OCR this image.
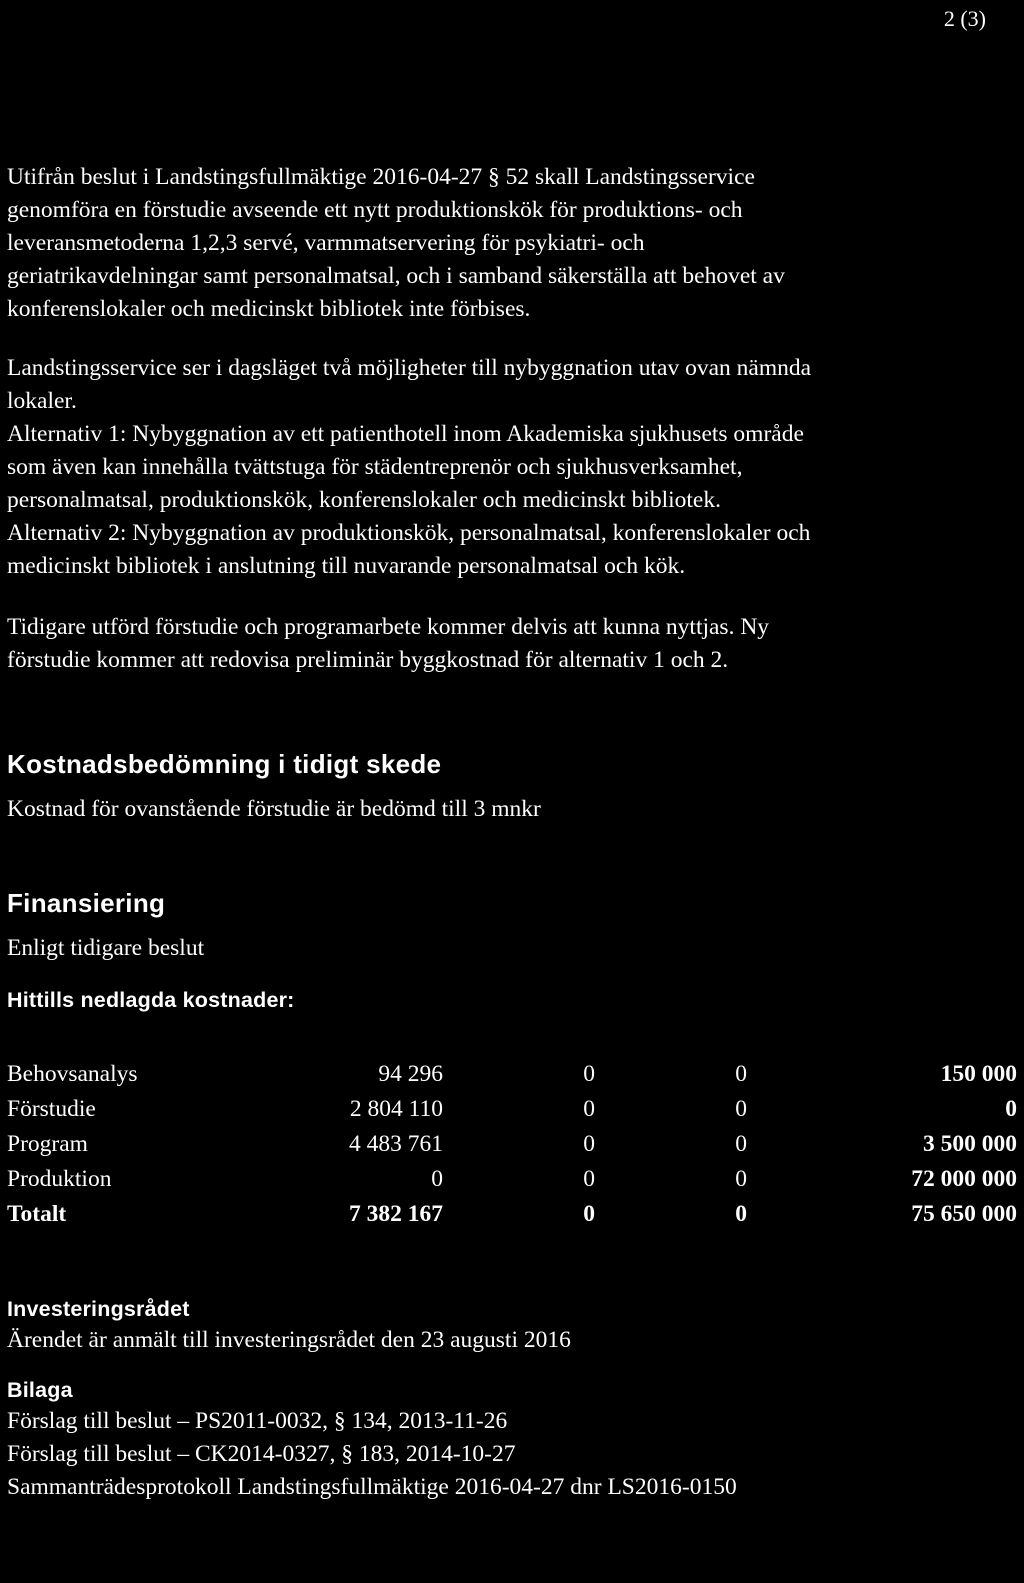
2 (3)

Utifrån beslut i Landstingsfullmäktige 2016-04-27 § 52 skall Landstingsservice
genomföra en förstudie avseende ett nytt produktionskök för produktions- och
leveransmetoderna 1,2,3 servé, varmmatservering för psykiatri- och
geriatrikavdelningar samt personalmatsal, och i samband säkerställa att behovet av
konferenslokaler och medicinskt bibliotek inte förbises.

Landstingsservice ser i dagsläget två möjligheter till nybyggnation utav ovan nämnda
lokaler.
Alternativ 1: Nybyggnation av ett patienthotell inom Akademiska sjukhusets område
som även kan innehålla tvättstuga för städentreprenör och sjukhusverksamhet,
personalmatsal, produktionskök, konferenslokaler och medicinskt bibliotek.
Alternativ 2: Nybyggnation av produktionskök, personalmatsal, konferenslokaler och
medicinskt bibliotek i anslutning till nuvarande personalmatsal och kök.

Tidigare utförd förstudie och programarbete kommer delvis att kunna nyttjas. Ny
förstudie kommer att redovisa preliminär byggkostnad för alternativ 1 och 2.

Kostnadsbedömning i tidigt skede

Kostnad för ovanstående förstudie är bedömd till 3 mnkr

Finansiering

Enligt tidigare beslut

Hittills nedlagda kostnader:
Behovsanalys	94 296	0	0	150 000
Förstudie	2 804 110	0	0	0
Program	4 483 761	0	0	3 500 000
Produktion	0	0	0	72 000 000
Totalt	7 382 167	0	0	75 650 000
Investeringsrådet

Ärendet är anmält till investeringsrådet den 23 augusti 2016

Bilaga

Förslag till beslut – PS2011-0032, § 134, 2013-11-26
Förslag till beslut – CK2014-0327, § 183, 2014-10-27
Sammanträdesprotokoll Landstingsfullmäktige 2016-04-27 dnr LS2016-0150
